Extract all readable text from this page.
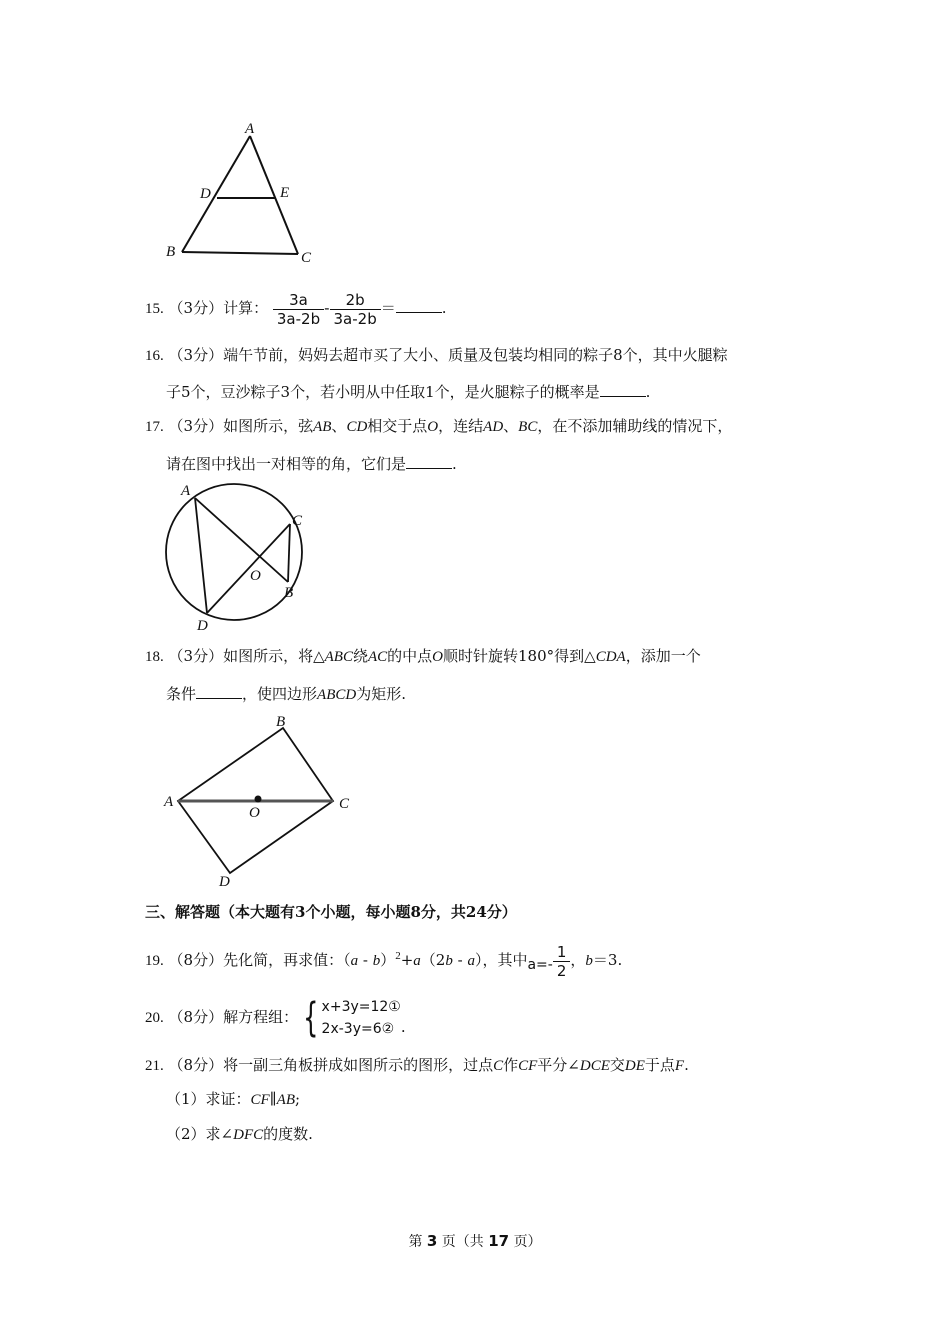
A
B	C
D	E
15. （3分）计算： $\frac{3a}{3a-2b} - \frac{2b}{3a-2b}$ ＝	.
16. （3分）端午节前，妈妈去超市买了大小、质量及包装均相同的粽子8个，其中火腿粽
子5个，豆沙粽子3个，若小明从中任取1个，是火腿粽子的概率是	.
17. （3分）如图所示，弦AB、CD相交于点O，连结AD、BC，在不添加辅助线的情况下，
请在图中找出一对相等的角，它们是	.
A
C
O
B
D
18. （3分）如图所示，将△ABC绕AC的中点O顺时针旋转180°得到△CDA，添加一个
条件	，使四边形ABCD为矩形.
A
B
C
O
D
三、解答题（本大题有3个小题，每小题8分，共24分）
19. （8分）先化简，再求值：（a - b）$^2$+a（2b - a），其中$a=- \frac{1}{2}$ ，b＝3.
20. （8分）解方程组： { x+3y=12①
2x-3y=6② .
21. （8分）将一副三角板拼成如图所示的图形，过点C作CF平分∠DCE交DE于点F.
（1）求证：CF∥AB;
（2）求∠DFC的度数.
第 3 页（共 17 页）
